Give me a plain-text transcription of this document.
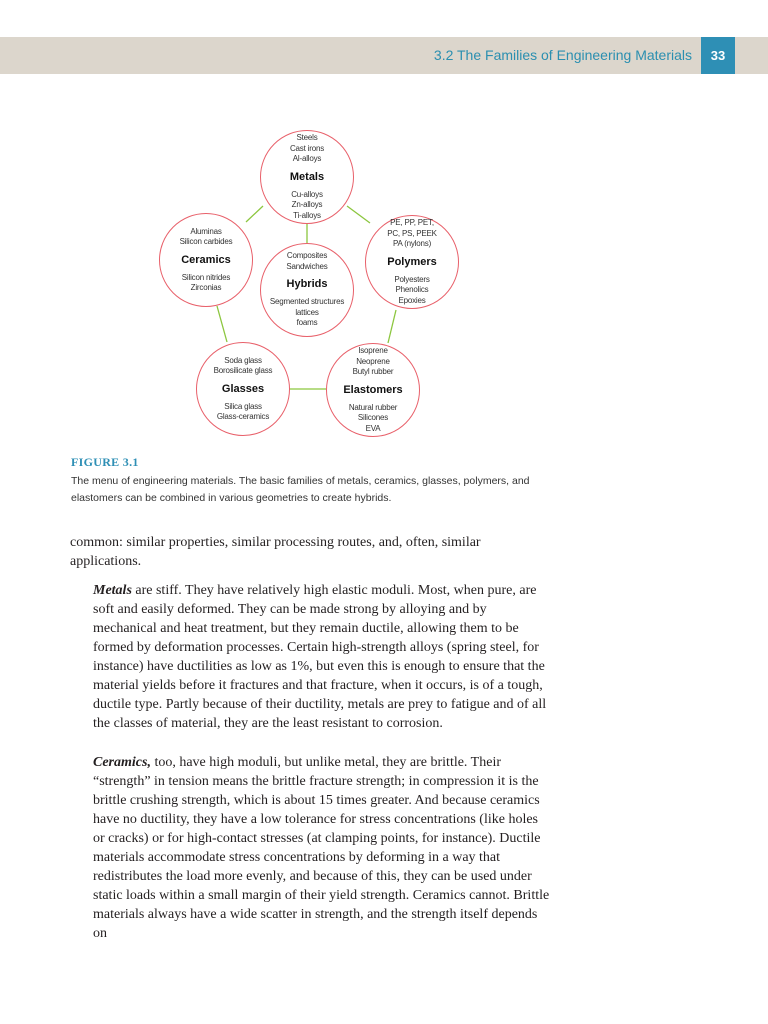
3.2 The Families of Engineering Materials	33
Steels
Cast irons
Al-alloys
Metals
Cu-alloys
Zn-alloys
Ti-alloys
Aluminas
Silicon carbides
Ceramics
Silicon nitrides
Zirconias
PE, PP, PET,
PC, PS, PEEK
PA (nylons)
Polymers
Polyesters
Phenolics
Epoxies
Composites
Sandwiches
Hybrids
Segmented structures
lattices
foams
Soda glass
Borosilicate glass
Glasses
Silica glass
Glass-ceramics
Isoprene
Neoprene
Butyl rubber
Elastomers
Natural rubber
Silicones
EVA
FIGURE 3.1
The menu of engineering materials. The basic families of metals, ceramics, glasses, polymers, and elastomers can be combined in various geometries to create hybrids.

common: similar properties, similar processing routes, and, often, similar applications.

Metals are stiff. They have relatively high elastic moduli. Most, when pure, are soft and easily deformed. They can be made strong by alloying and by mechanical and heat treatment, but they remain ductile, allowing them to be formed by deformation processes. Certain high-strength alloys (spring steel, for instance) have ductilities as low as 1%, but even this is enough to ensure that the material yields before it fractures and that fracture, when it occurs, is of a tough, ductile type. Partly because of their ductility, metals are prey to fatigue and of all the classes of material, they are the least resistant to corrosion.

Ceramics, too, have high moduli, but unlike metal, they are brittle. Their “strength” in tension means the brittle fracture strength; in compression it is the brittle crushing strength, which is about 15 times greater. And because ceramics have no ductility, they have a low tolerance for stress concentrations (like holes or cracks) or for high-contact stresses (at clamping points, for instance). Ductile materials accommodate stress concentrations by deforming in a way that redistributes the load more evenly, and because of this, they can be used under static loads within a small margin of their yield strength. Ceramics cannot. Brittle materials always have a wide scatter in strength, and the strength itself depends on
